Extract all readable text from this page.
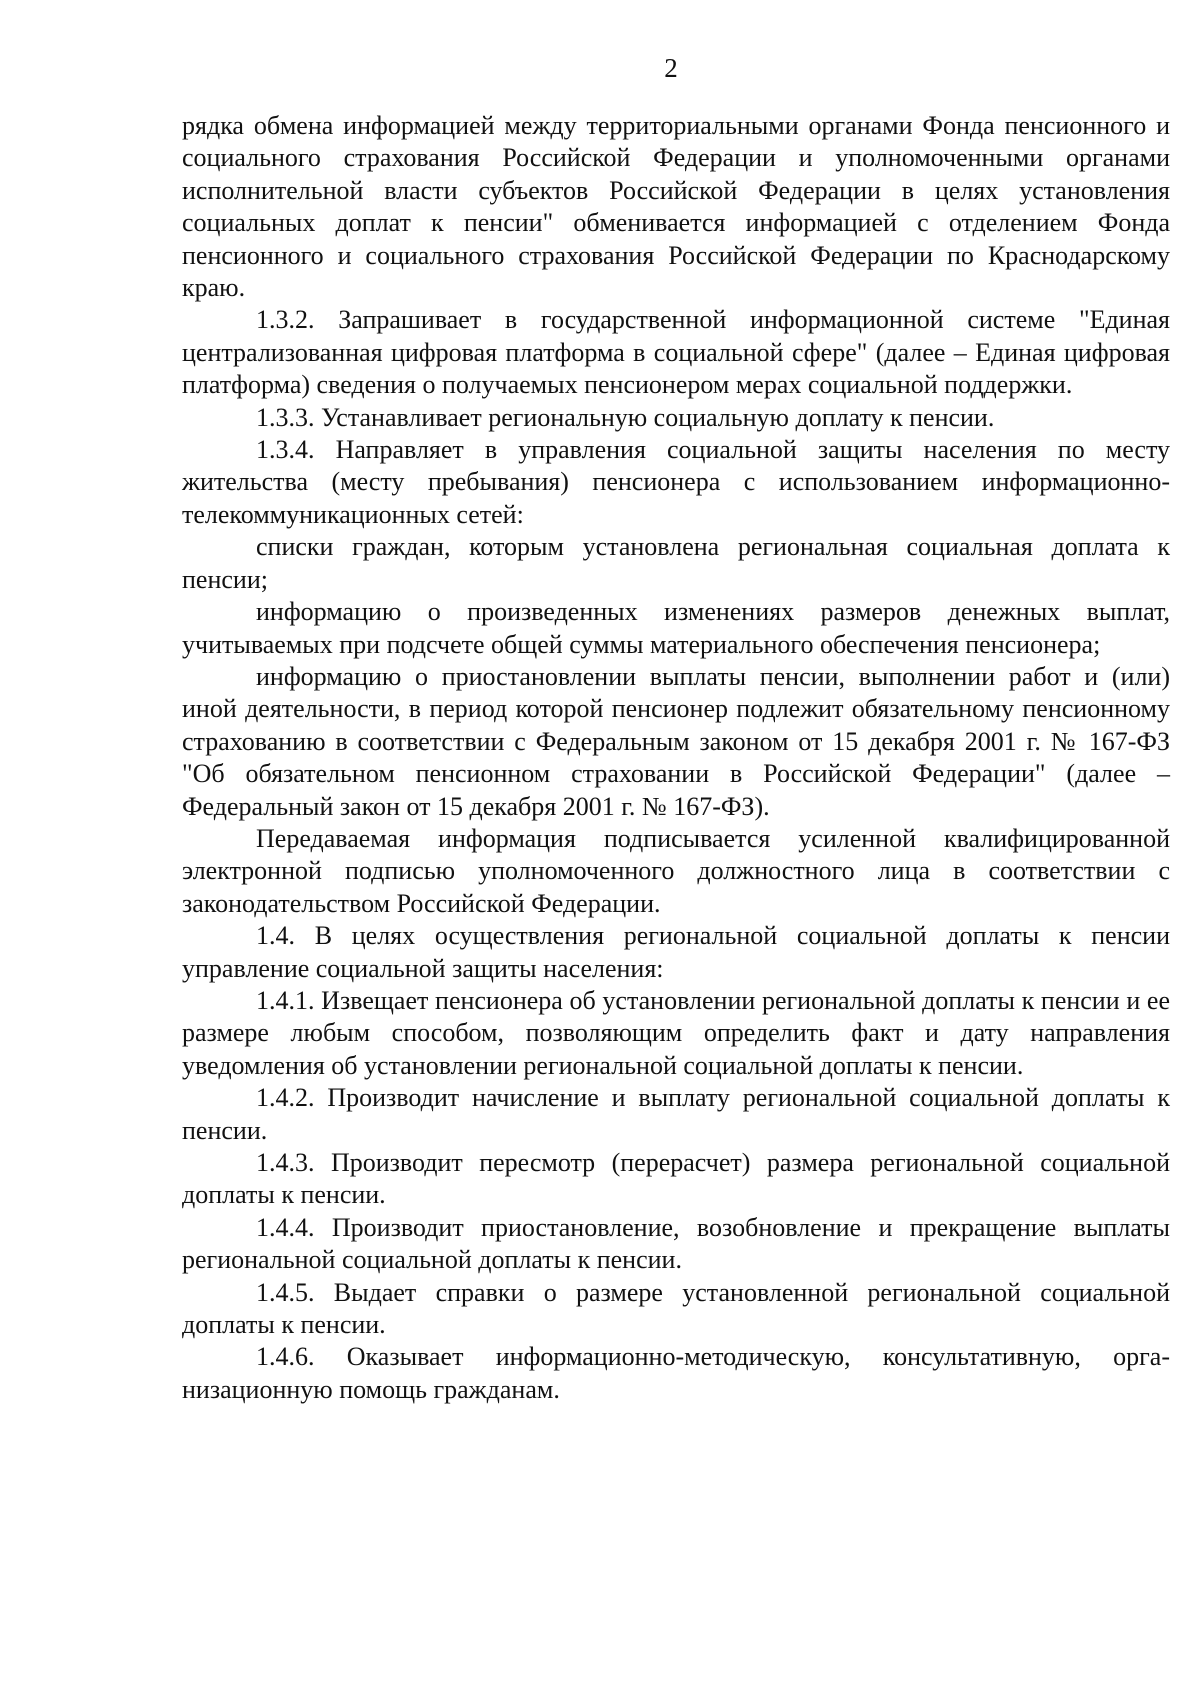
2

рядка обмена информацией между территориальными органами Фонда пенсионного и социального страхования Российской Федерации и уполномоченными органами исполнительной власти субъектов Российской Федерации в целях установления социальных доплат к пенсии" обменивается информацией с отделением Фонда пенсионного и социального страхования Российской Федерации по Краснодарскому краю.

1.3.2. Запрашивает в государственной информационной системе "Единая централизованная цифровая платформа в социальной сфере" (далее – Единая цифровая платформа) сведения о получаемых пенсионером мерах социальной поддержки.

1.3.3. Устанавливает региональную социальную доплату к пенсии.

1.3.4. Направляет в управления социальной защиты населения по месту жительства (месту пребывания) пенсионера с использованием информационно-телекоммуникационных сетей:

списки граждан, которым установлена региональная социальная доплата к пенсии;

информацию о произведенных изменениях размеров денежных выплат, учитываемых при подсчете общей суммы материального обеспечения пенсионера;

информацию о приостановлении выплаты пенсии, выполнении работ и (или) иной деятельности, в период которой пенсионер подлежит обязательному пенсионному страхованию в соответствии с Федеральным законом от 15 декабря 2001 г. № 167-ФЗ "Об обязательном пенсионном страховании в Российской Федерации" (далее – Федеральный закон от 15 декабря 2001 г. № 167-ФЗ).

Передаваемая информация подписывается усиленной квалифицированной электронной подписью уполномоченного должностного лица в соответствии с законодательством Российской Федерации.

1.4. В целях осуществления региональной социальной доплаты к пенсии управление социальной защиты населения:

1.4.1. Извещает пенсионера об установлении региональной доплаты к пенсии и ее размере любым способом, позволяющим определить факт и дату направления уведомления об установлении региональной социальной доплаты к пенсии.

1.4.2. Производит начисление и выплату региональной социальной доплаты к пенсии.

1.4.3. Производит пересмотр (перерасчет) размера региональной социальной доплаты к пенсии.

1.4.4. Производит приостановление, возобновление и прекращение выплаты региональной социальной доплаты к пенсии.

1.4.5. Выдает справки о размере установленной региональной социальной доплаты к пенсии.

1.4.6. Оказывает информационно-методическую, консультативную, организационную помощь гражданам.
